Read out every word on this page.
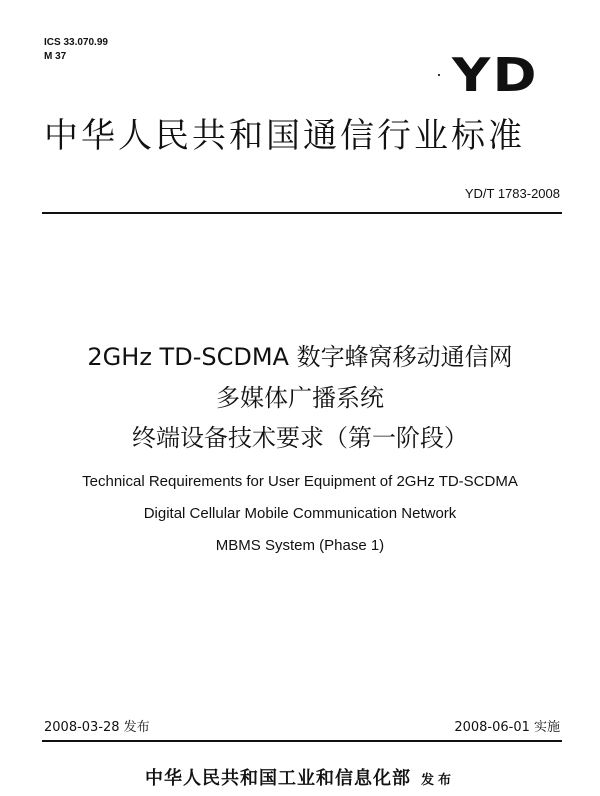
ICS 33.070.99
M 37	YD
中华人民共和国通信行业标准
YD/T 1783-2008
2GHz TD-SCDMA 数字蜂窝移动通信网
多媒体广播系统
终端设备技术要求（第一阶段）
Technical Requirements for User Equipment of 2GHz TD-SCDMA
Digital Cellular Mobile Communication Network
MBMS System (Phase 1)
2008-03-28 发布	2008-06-01 实施
中华人民共和国工业和信息化部 发布
